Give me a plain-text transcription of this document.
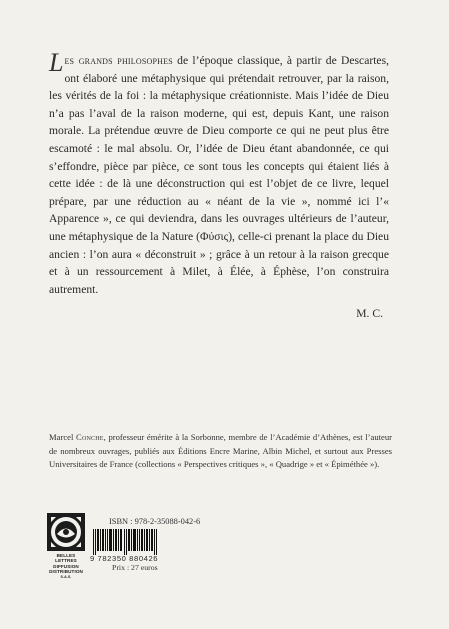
Les grands philosophes de l’époque classique, à partir de Descartes, ont élaboré une métaphysique qui prétendait retrouver, par la raison, les vérités de la foi : la métaphysique créationniste. Mais l’idée de Dieu n’a pas l’aval de la raison moderne, qui est, depuis Kant, une raison morale. La prétendue œuvre de Dieu comporte ce qui ne peut plus être escamoté : le mal absolu. Or, l’idée de Dieu étant abandonnée, ce qui s’effondre, pièce par pièce, ce sont tous les concepts qui étaient liés à cette idée : de là une déconstruction qui est l’objet de ce livre, lequel prépare, par une réduction au « néant de la vie », nommé ici l’« Apparence », ce qui deviendra, dans les ouvrages ultérieurs de l’auteur, une métaphysique de la Nature (Φύσις), celle-ci prenant la place du Dieu ancien : l’on aura « déconstruit » ; grâce à un retour à la raison grecque et à un ressourcement à Milet, à Élée, à Éphèse, l’on construira autrement.

M. C.

Marcel Conche, professeur émérite à la Sorbonne, membre de l’Académie d’Athènes, est l’auteur de nombreux ouvrages, publiés aux Éditions Encre Marine, Albin Michel, et surtout aux Presses Universitaires de France (collections « Perspectives critiques », « Quadrige » et « Épiméthée »).

BELLES LETTRES
DIFFUSION
DISTRIBUTION
S.A.S.
ISBN : 978-2-35088-042-6
9 782350 880426
Prix : 27 euros
